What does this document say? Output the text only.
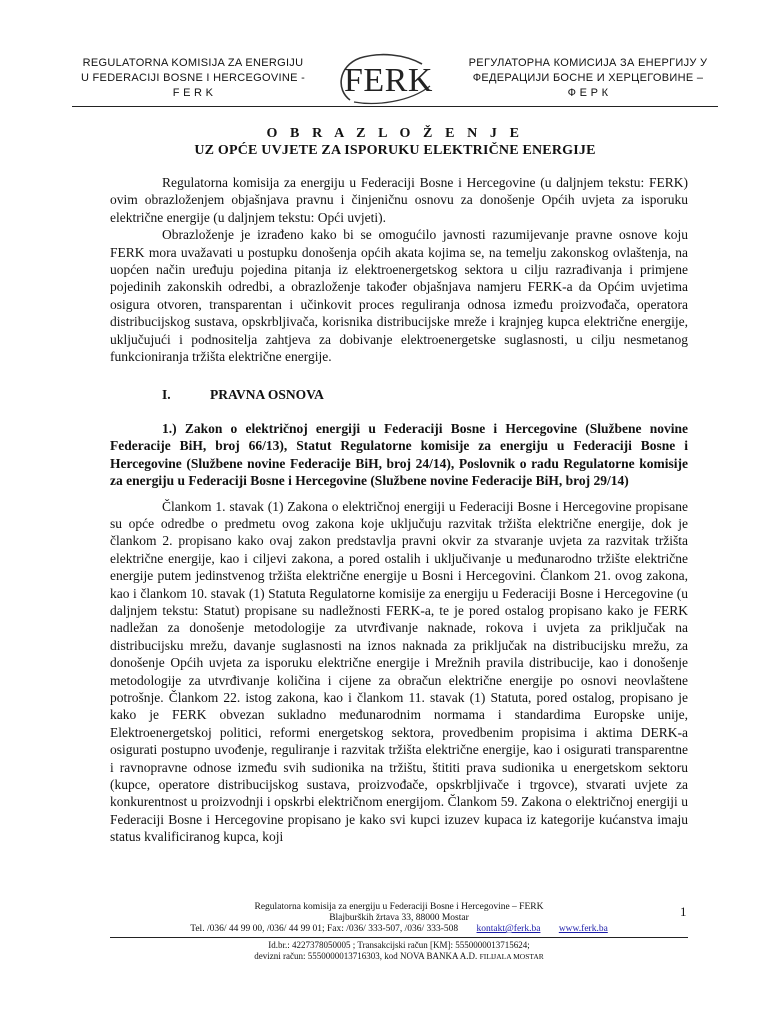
REGULATORNA KOMISIJA ZA ENERGIJU
U FEDERACIJI BOSNE I HERCEGOVINE -
F E R K	FERK	РЕГУЛАТОРНА КОМИСИЈА ЗА ЕНЕРГИЈУ У
ФЕДЕРАЦИЈИ БОСНЕ И ХЕРЦЕГОВИНЕ –
Ф Е Р К
O B R A Z L O Ž E N J E
UZ OPĆE UVJETE ZA ISPORUKU ELEKTRIČNE ENERGIJE

Regulatorna komisija za energiju u Federaciji Bosne i Hercegovine (u daljnjem tekstu: FERK) ovim obrazloženjem objašnjava pravnu i činjeničnu osnovu za donošenje Općih uvjeta za isporuku električne energije (u daljnjem tekstu: Opći uvjeti).

Obrazloženje je izrađeno kako bi se omogućilo javnosti razumijevanje pravne osnove koju FERK mora uvažavati u postupku donošenja općih akata kojima se, na temelju zakonskog ovlaštenja, na uopćen način uređuju pojedina pitanja iz elektroenergetskog sektora u cilju razrađivanja i primjene pojedinih zakonskih odredbi, a obrazloženje također objašnjava namjeru FERK-a da Općim uvjetima osigura otvoren, transparentan i učinkovit proces reguliranja odnosa između proizvođača, operatora distribucijskog sustava, opskrbljivača, korisnika distribucijske mreže i krajnjeg kupca električne energije, uključujući i podnositelja zahtjeva za dobivanje elektroenergetske suglasnosti, u cilju nesmetanog funkcioniranja tržišta električne energije.

I.	PRAVNA OSNOVA

1.) Zakon o električnoj energiji u Federaciji Bosne i Hercegovine (Službene novine Federacije BiH, broj 66/13), Statut Regulatorne komisije za energiju u Federaciji Bosne i Hercegovine (Službene novine Federacije BiH, broj 24/14), Poslovnik o radu Regulatorne komisije za energiju u Federaciji Bosne i Hercegovine (Službene novine Federacije BiH, broj 29/14)

Člankom 1. stavak (1) Zakona o električnoj energiji u Federaciji Bosne i Hercegovine propisane su opće odredbe o predmetu ovog zakona koje uključuju razvitak tržišta električne energije, dok je člankom 2. propisano kako ovaj zakon predstavlja pravni okvir za stvaranje uvjeta za razvitak tržišta električne energije, kao i ciljevi zakona, a pored ostalih i uključivanje u međunarodno tržište električne energije putem jedinstvenog tržišta električne energije u Bosni i Hercegovini. Člankom 21. ovog zakona, kao i člankom 10. stavak (1) Statuta Regulatorne komisije za energiju u Federaciji Bosne i Hercegovine (u daljnjem tekstu: Statut) propisane su nadležnosti FERK-a, te je pored ostalog propisano kako je FERK nadležan za donošenje metodologije za utvrđivanje naknade, rokova i uvjeta za priključak na distribucijsku mrežu, davanje suglasnosti na iznos naknada za priključak na distribucijsku mrežu, za donošenje Općih uvjeta za isporuku električne energije i Mrežnih pravila distribucije, kao i donošenje metodologije za utvrđivanje količina i cijene za obračun električne energije po osnovi neovlaštene potrošnje. Člankom 22. istog zakona, kao i člankom 11. stavak (1) Statuta, pored ostalog, propisano je kako je FERK obvezan sukladno međunarodnim normama i standardima Europske unije, Elektroenergetskoj politici, reformi energetskog sektora, provedbenim propisima i aktima DERK-a osigurati postupno uvođenje, reguliranje i razvitak tržišta električne energije, kao i osigurati transparentne i ravnopravne odnose između svih sudionika na tržištu, štititi prava sudionika u energetskom sektoru (kupce, operatore distribucijskog sustava, proizvođače, opskrbljivače i trgovce), stvarati uvjete za konkurentnost u proizvodnji i opskrbi električnom energijom. Člankom 59. Zakona o električnoj energiji u Federaciji Bosne i Hercegovine propisano je kako svi kupci izuzev kupaca iz kategorije kućanstva imaju status kvalificiranog kupca, koji

Regulatorna komisija za energiju u Federaciji Bosne i Hercegovine – FERK
Blajburških žrtava 33, 88000 Mostar
Tel. /036/ 44 99 00, /036/ 44 99 01; Fax: /036/ 333-507, /036/ 333-508 kontakt@ferk.ba www.ferk.ba
1
Id.br.: 4227378050005 ; Transakcijski račun [KM]: 5550000013715624;
devizni račun: 5550000013716303, kod NOVA BANKA A.D. FILIJALA MOSTAR
